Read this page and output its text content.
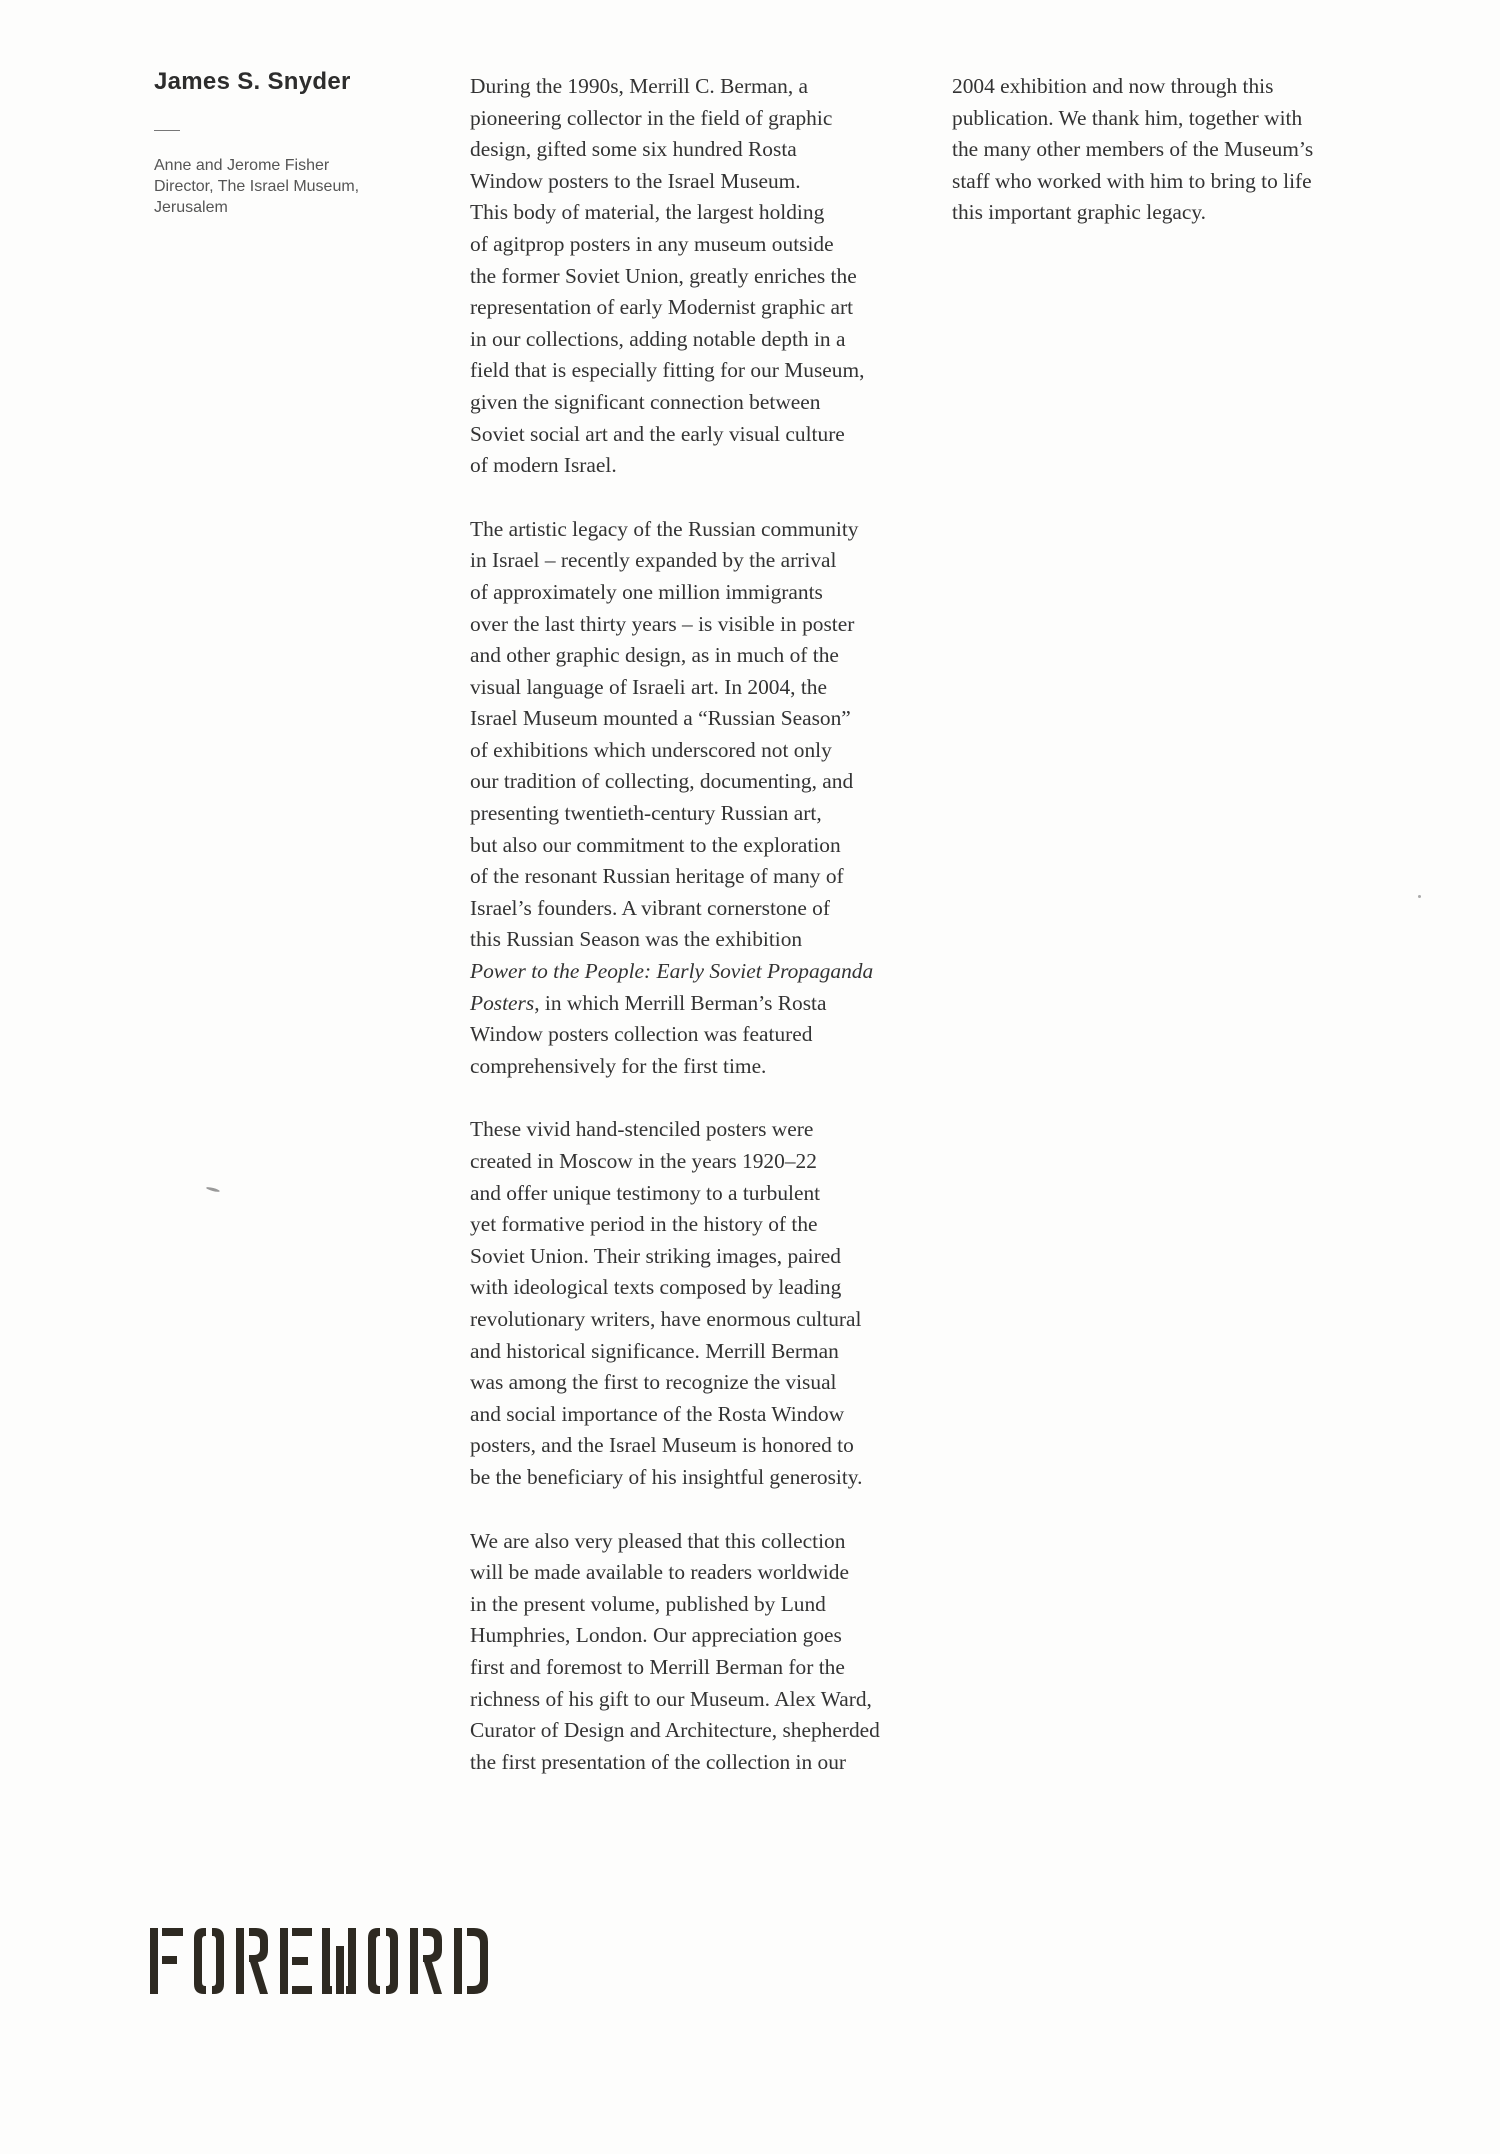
James S. Snyder
Anne and Jerome Fisher
Director, The Israel Museum,
Jerusalem

During the 1990s, Merrill C. Berman, a
pioneering collector in the field of graphic
design, gifted some six hundred Rosta
Window posters to the Israel Museum.
This body of material, the largest holding
of agitprop posters in any museum outside
the former Soviet Union, greatly enriches the
representation of early Modernist graphic art
in our collections, adding notable depth in a
field that is especially fitting for our Museum,
given the significant connection between
Soviet social art and the early visual culture
of modern Israel.

The artistic legacy of the Russian community
in Israel – recently expanded by the arrival
of approximately one million immigrants
over the last thirty years – is visible in poster
and other graphic design, as in much of the
visual language of Israeli art. In 2004, the
Israel Museum mounted a “Russian Season”
of exhibitions which underscored not only
our tradition of collecting, documenting, and
presenting twentieth-century Russian art,
but also our commitment to the exploration
of the resonant Russian heritage of many of
Israel’s founders. A vibrant cornerstone of
this Russian Season was the exhibition
Power to the People: Early Soviet Propaganda
Posters, in which Merrill Berman’s Rosta
Window posters collection was featured
comprehensively for the first time.

These vivid hand-stenciled posters were
created in Moscow in the years 1920–22
and offer unique testimony to a turbulent
yet formative period in the history of the
Soviet Union. Their striking images, paired
with ideological texts composed by leading
revolutionary writers, have enormous cultural
and historical significance. Merrill Berman
was among the first to recognize the visual
and social importance of the Rosta Window
posters, and the Israel Museum is honored to
be the beneficiary of his insightful generosity.

We are also very pleased that this collection
will be made available to readers worldwide
in the present volume, published by Lund
Humphries, London. Our appreciation goes
first and foremost to Merrill Berman for the
richness of his gift to our Museum. Alex Ward,
Curator of Design and Architecture, shepherded
the first presentation of the collection in our

2004 exhibition and now through this
publication. We thank him, together with
the many other members of the Museum’s
staff who worked with him to bring to life
this important graphic legacy.
